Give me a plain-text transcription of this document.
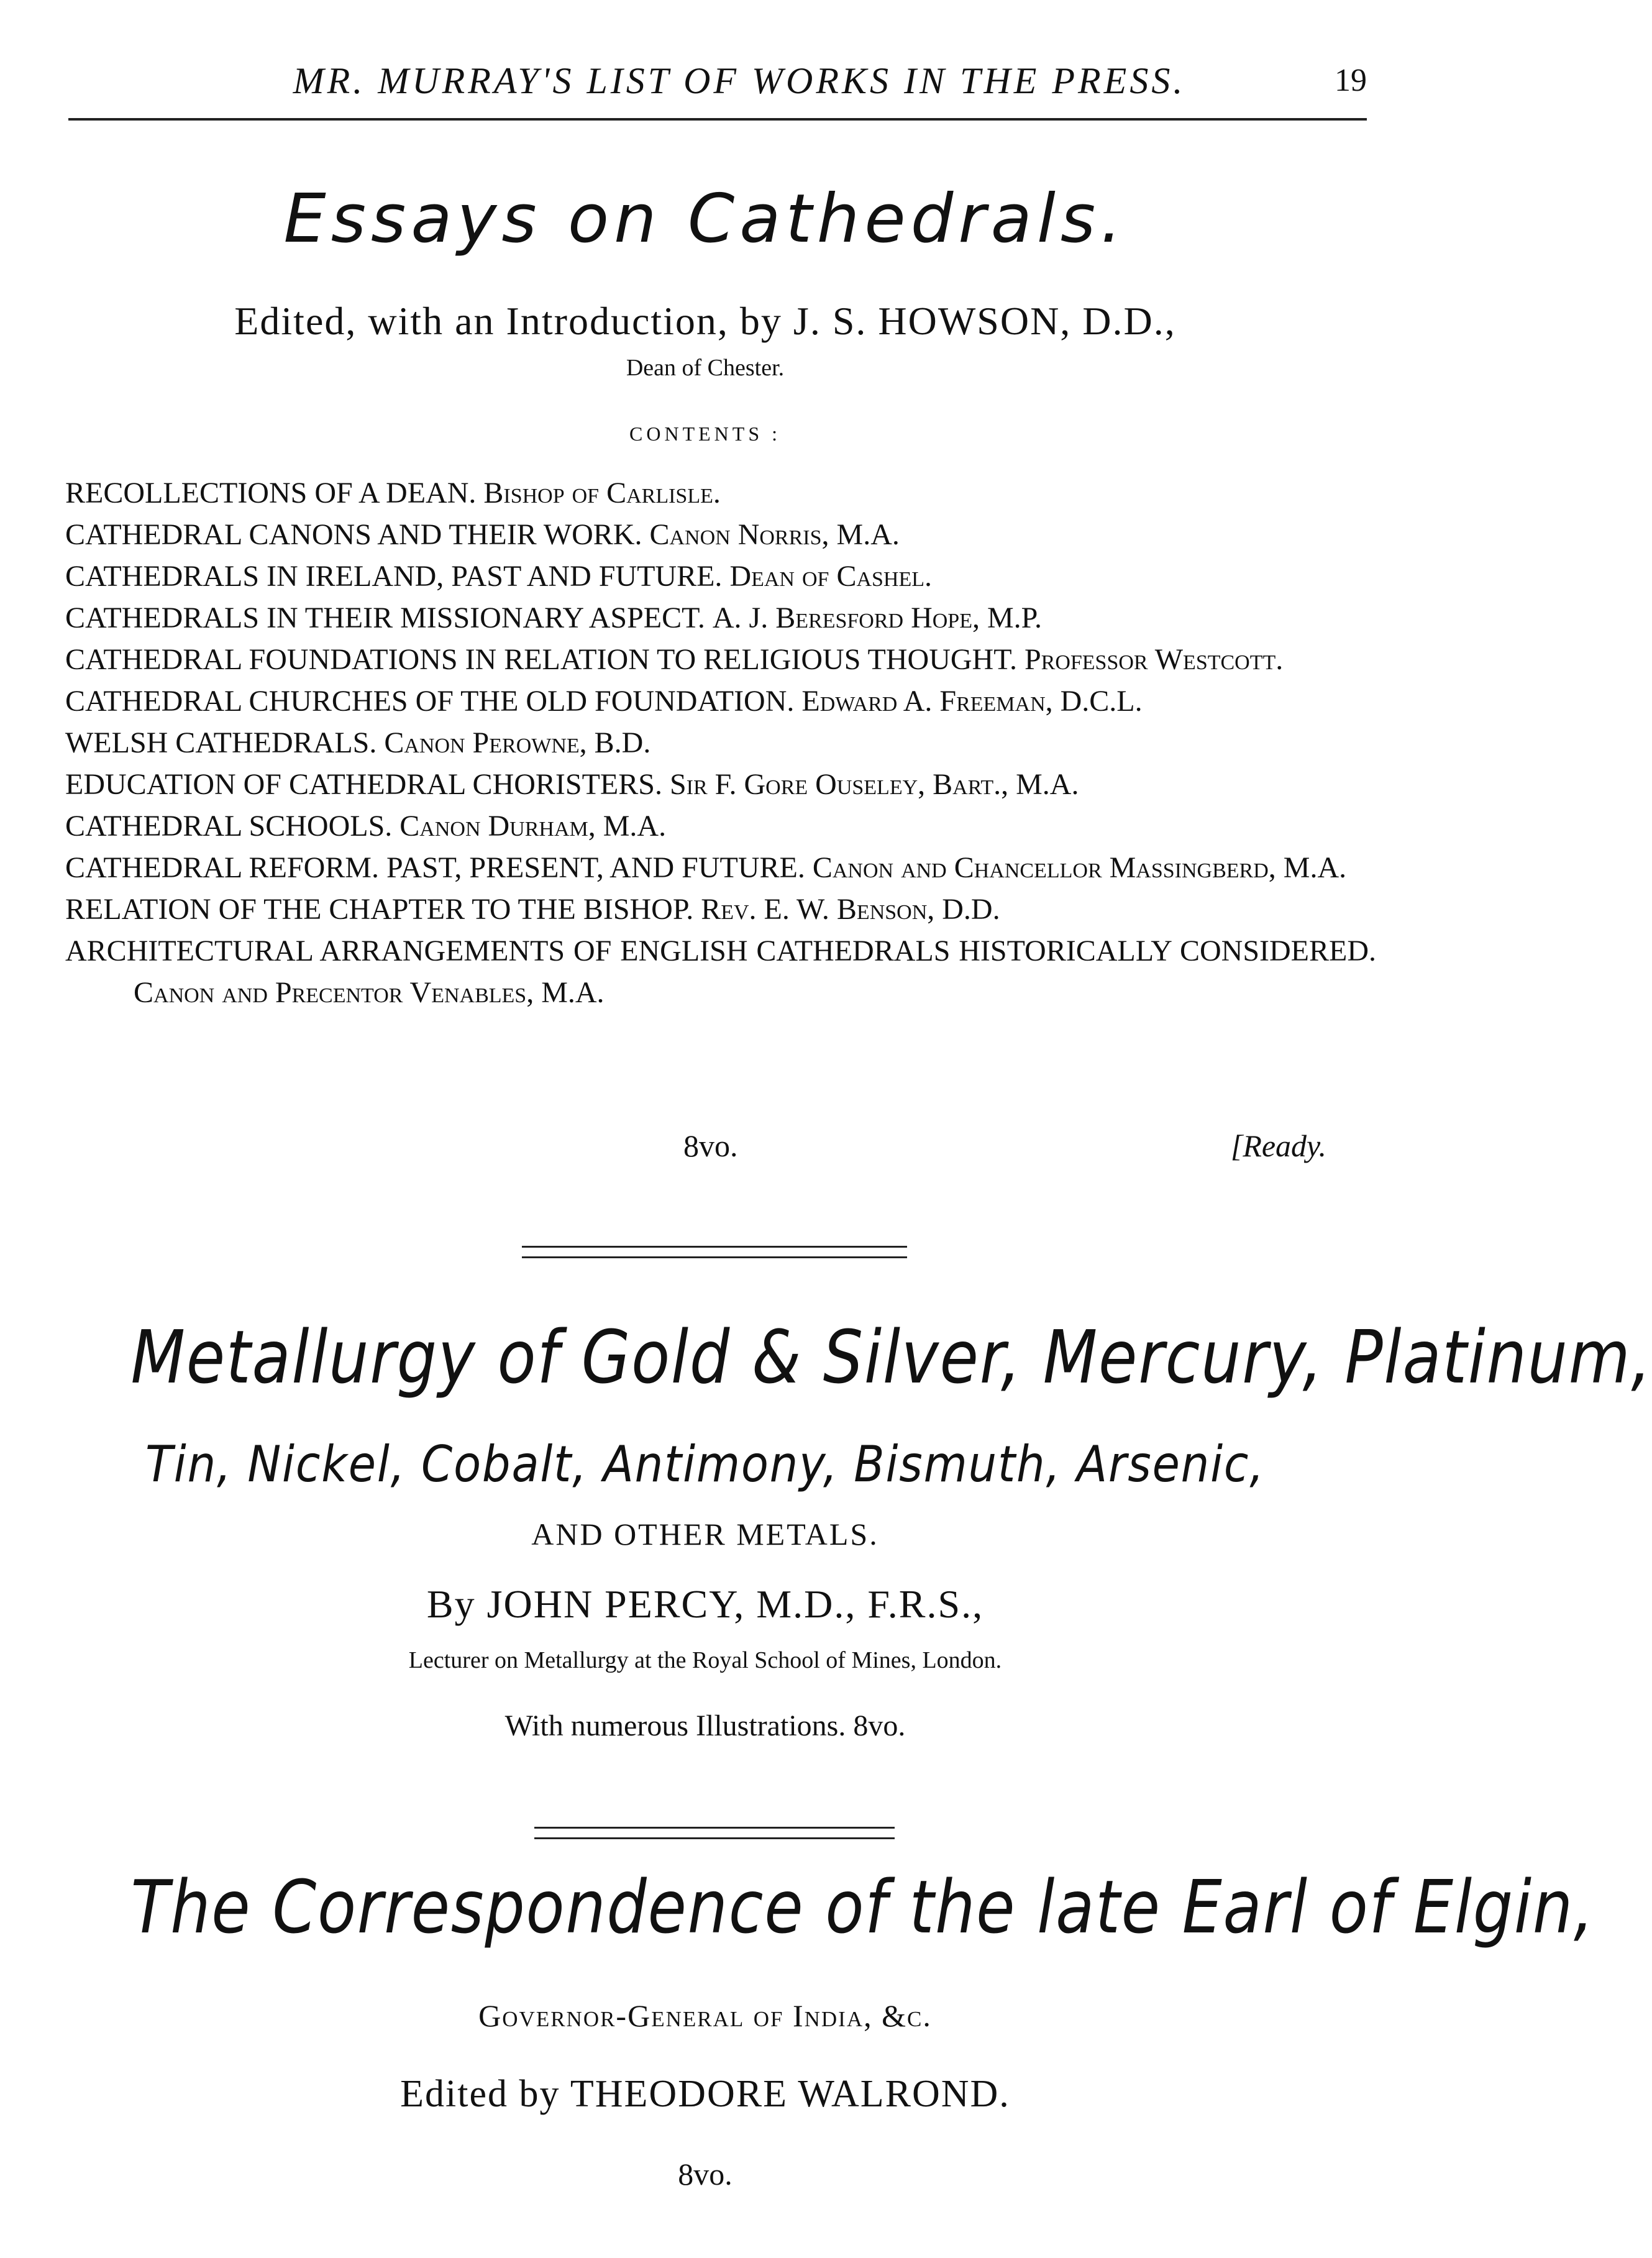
MR. MURRAY'S LIST OF WORKS IN THE PRESS.	19
Essays on Cathedrals.
Edited, with an Introduction, by J. S. HOWSON, D.D.,
Dean of Chester.
CONTENTS :
RECOLLECTIONS OF A DEAN. Bishop of Carlisle.
CATHEDRAL CANONS AND THEIR WORK. Canon Norris, M.A.
CATHEDRALS IN IRELAND, PAST AND FUTURE. Dean of Cashel.
CATHEDRALS IN THEIR MISSIONARY ASPECT. A. J. Beresford Hope, M.P.
CATHEDRAL FOUNDATIONS IN RELATION TO RELIGIOUS THOUGHT. Professor Westcott.
CATHEDRAL CHURCHES OF THE OLD FOUNDATION. Edward A. Freeman, D.C.L.
WELSH CATHEDRALS. Canon Perowne, B.D.
EDUCATION OF CATHEDRAL CHORISTERS. Sir F. Gore Ouseley, Bart., M.A.
CATHEDRAL SCHOOLS. Canon Durham, M.A.
CATHEDRAL REFORM. PAST, PRESENT, AND FUTURE. Canon and Chancellor Massingberd, M.A.
RELATION OF THE CHAPTER TO THE BISHOP. Rev. E. W. Benson, D.D.
ARCHITECTURAL ARRANGEMENTS OF ENGLISH CATHEDRALS HISTORICALLY CONSIDERED. Canon and Precentor Venables, M.A.
8vo.	[Ready.
Metallurgy of Gold & Silver, Mercury, Platinum,
Tin, Nickel, Cobalt, Antimony, Bismuth, Arsenic,
AND OTHER METALS.
By JOHN PERCY, M.D., F.R.S.,
Lecturer on Metallurgy at the Royal School of Mines, London.
With numerous Illustrations. 8vo.
The Correspondence of the late Earl of Elgin,
Governor-General of India, &c.
Edited by THEODORE WALROND.
8vo.
